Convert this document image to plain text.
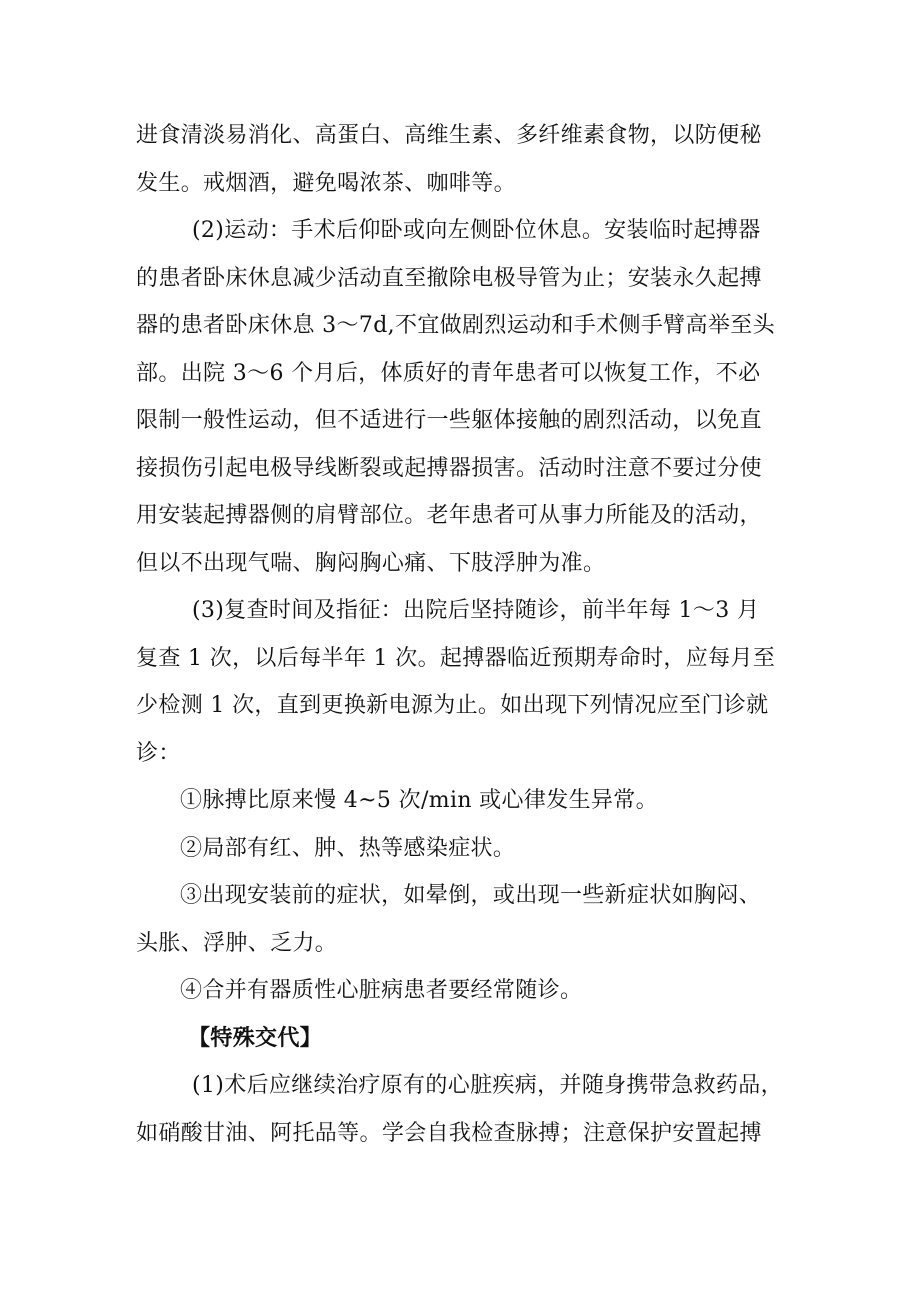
进食清淡易消化、高蛋白、高维生素、多纤维素食物，以防便秘
发生。戒烟酒，避免喝浓茶、咖啡等。
(2)运动：手术后仰卧或向左侧卧位休息。安装临时起搏器
的患者卧床休息减少活动直至撤除电极导管为止；安装永久起搏
器的患者卧床休息 3～7d,不宜做剧烈运动和手术侧手臂高举至头
部。出院 3～6 个月后，体质好的青年患者可以恢复工作，不必
限制一般性运动，但不适进行一些躯体接触的剧烈活动，以免直
接损伤引起电极导线断裂或起搏器损害。活动时注意不要过分使
用安装起搏器侧的肩臂部位。老年患者可从事力所能及的活动，
但以不出现气喘、胸闷胸心痛、下肢浮肿为准。
(3)复查时间及指征：出院后坚持随诊，前半年每 1～3 月
复查 1 次，以后每半年 1 次。起搏器临近预期寿命时，应每月至
少检测 1 次，直到更换新电源为止。如出现下列情况应至门诊就
诊：
①脉搏比原来慢 4~5 次/min 或心律发生异常。
②局部有红、肿、热等感染症状。
③出现安装前的症状，如晕倒，或出现一些新症状如胸闷、
头胀、浮肿、乏力。
④合并有器质性心脏病患者要经常随诊。
【特殊交代】
(1)术后应继续治疗原有的心脏疾病，并随身携带急救药品，
如硝酸甘油、阿托品等。学会自我检查脉搏；注意保护安置起搏
